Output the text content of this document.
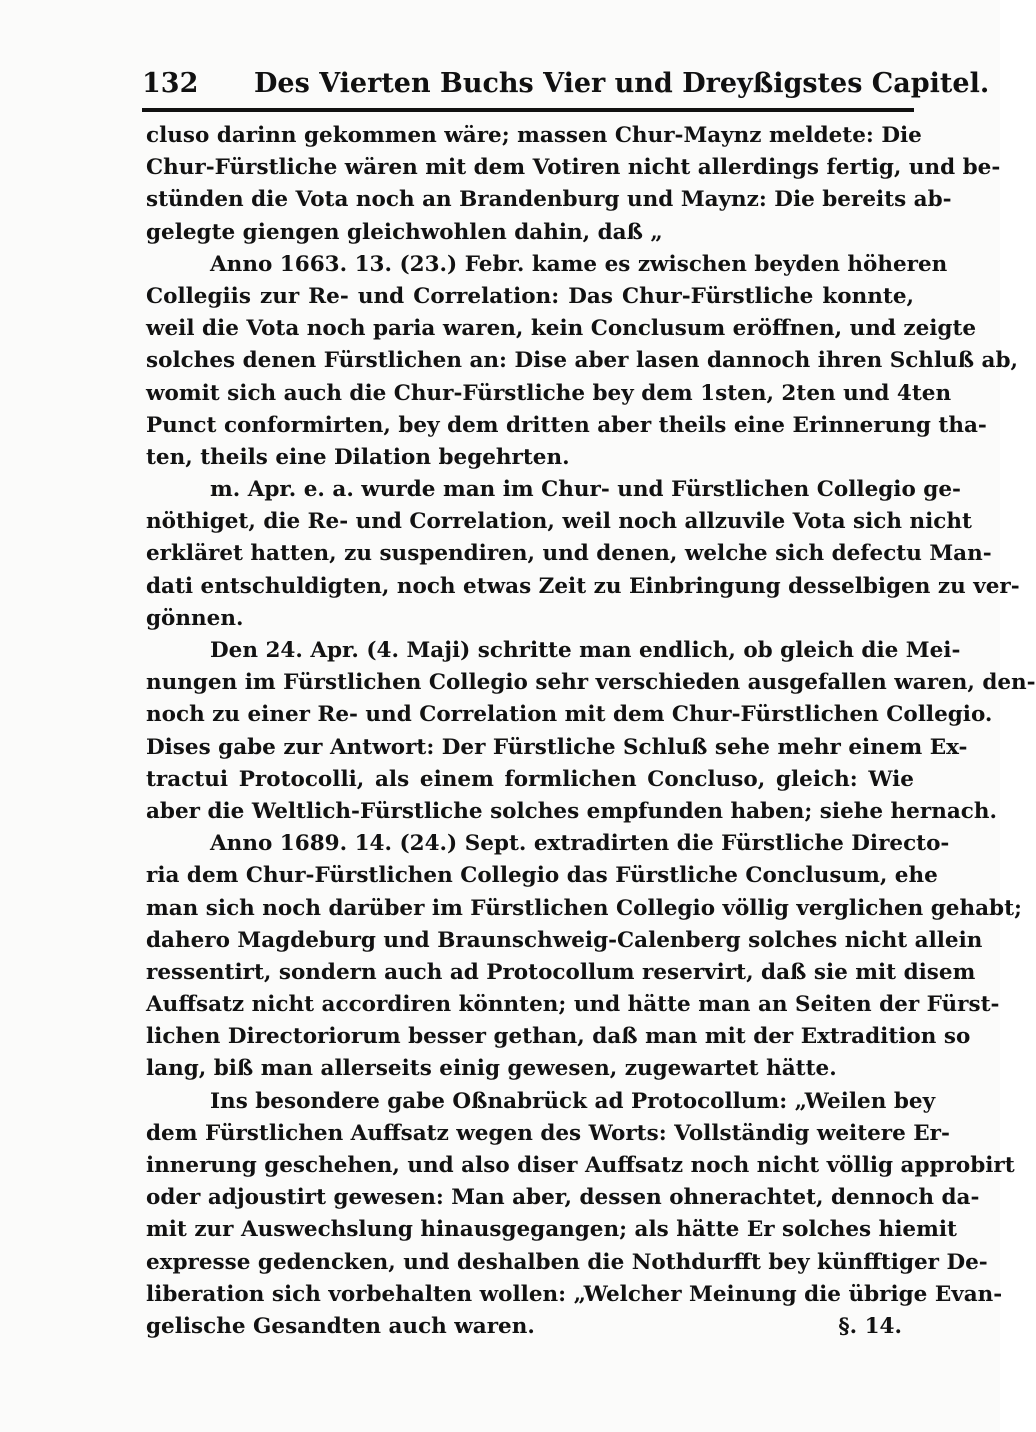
132 Des Vierten Buchs Vier und Dreyßigstes Capitel.
cluso darinn gekommen wäre; massen Chur-Maynz meldete: Die
Chur-Fürstliche wären mit dem Votiren nicht allerdings fertig, und be-
stünden die Vota noch an Brandenburg und Maynz: Die bereits ab-
gelegte giengen gleichwohlen dahin, daß „
Anno 1663. 13. (23.) Febr. kame es zwischen beyden höheren
Collegiis zur Re- und Correlation: Das Chur-Fürstliche konnte,
weil die Vota noch paria waren, kein Conclusum eröffnen, und zeigte
solches denen Fürstlichen an: Dise aber lasen dannoch ihren Schluß ab,
womit sich auch die Chur-Fürstliche bey dem 1sten, 2ten und 4ten
Punct conformirten, bey dem dritten aber theils eine Erinnerung tha-
ten, theils eine Dilation begehrten.
m. Apr. e. a. wurde man im Chur- und Fürstlichen Collegio ge-
nöthiget, die Re- und Correlation, weil noch allzuvile Vota sich nicht
erkläret hatten, zu suspendiren, und denen, welche sich defectu Man-
dati entschuldigten, noch etwas Zeit zu Einbringung desselbigen zu ver-
gönnen.
Den 24. Apr. (4. Maji) schritte man endlich, ob gleich die Mei-
nungen im Fürstlichen Collegio sehr verschieden ausgefallen waren, den-
noch zu einer Re- und Correlation mit dem Chur-Fürstlichen Collegio.
Dises gabe zur Antwort: Der Fürstliche Schluß sehe mehr einem Ex-
tractui Protocolli, als einem formlichen Concluso, gleich: Wie
aber die Weltlich-Fürstliche solches empfunden haben; siehe hernach.
Anno 1689. 14. (24.) Sept. extradirten die Fürstliche Directo-
ria dem Chur-Fürstlichen Collegio das Fürstliche Conclusum, ehe
man sich noch darüber im Fürstlichen Collegio völlig verglichen gehabt;
dahero Magdeburg und Braunschweig-Calenberg solches nicht allein
ressentirt, sondern auch ad Protocollum reservirt, daß sie mit disem
Auffsatz nicht accordiren könnten; und hätte man an Seiten der Fürst-
lichen Directoriorum besser gethan, daß man mit der Extradition so
lang, biß man allerseits einig gewesen, zugewartet hätte.
Ins besondere gabe Oßnabrück ad Protocollum: „Weilen bey
dem Fürstlichen Auffsatz wegen des Worts: Vollständig weitere Er-
innerung geschehen, und also diser Auffsatz noch nicht völlig approbirt
oder adjoustirt gewesen: Man aber, dessen ohnerachtet, dennoch da-
mit zur Auswechslung hinausgegangen; als hätte Er solches hiemit
expresse gedencken, und deshalben die Nothdurfft bey künfftiger De-
liberation sich vorbehalten wollen: „Welcher Meinung die übrige Evan-
gelische Gesandten auch waren.	§. 14.
